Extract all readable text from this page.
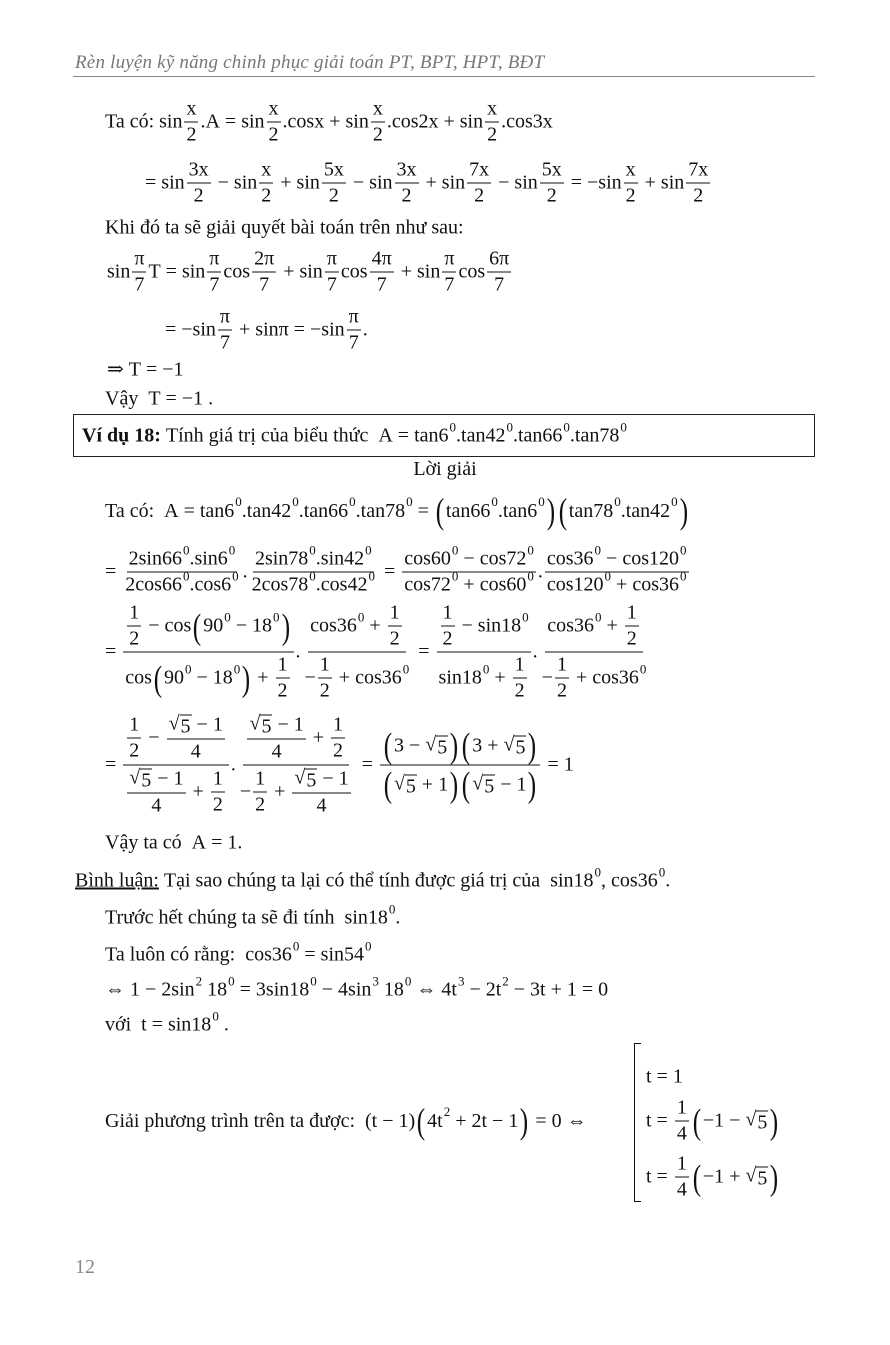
Rèn luyện kỹ năng chinh phục giải toán PT, BPT, HPT, BĐT
Ta có: $\sin \frac{x}{2} .A = \sin \frac{x}{2} .\cos x + \sin \frac{x}{2} .\cos 2x + \sin \frac{x}{2} .\cos 3x$
= $\sin \frac{3x}{2} - \sin \frac{x}{2} + \sin \frac{5x}{2} - \sin \frac{3x}{2} + \sin \frac{7x}{2} - \sin \frac{5x}{2} = -\sin \frac{x}{2} + \sin \frac{7x}{2}$
Khi đó ta sẽ giải quyết bài toán trên như sau:
$\sin \frac{\pi}{7}$ $T = \sin \frac{\pi}{7}$ $\cos \frac{2\pi}{7} + \sin \frac{\pi}{7}$ $\cos \frac{4\pi}{7} + \sin \frac{\pi}{7}$ $\cos \frac{6\pi}{7}$
= $-\sin \frac{\pi}{7} + \sin\pi = -\sin \frac{\pi}{7}$ .
⇒ T = −1
Vậy  T = −1 .
Ví dụ 18: Tính giá trị của biểu thức  A = tan6 0 .tan42 0 .tan66 0 .tan78 0
Lời giải
Ta có:  A = tan6 0 .tan42 0 .tan66 0 .tan78 0 = ( tan66 0 .tan6 0 ) ( tan78 0 .tan42 0 )
= $\frac{2\sin 66 0 .\sin 6 0}{2\cos 66 0 .\cos 6 0}$ . $\frac{2\sin 78 0 .\sin 42 0}{2\cos 78 0 .\cos 42 0} = \frac{\cos 60 0 - \cos 72 0}{\cos 72 0 + \cos 60 0}$ . $\frac{\cos 36 0 - \cos 120 0}{\cos 120 0 + \cos 36 0}$
= $\frac{\frac{1}{2} - \cos ( 90 0 - 18 0 )}{\cos ( 90 0 - 18 0 ) + \frac{1}{2}}$ . $\frac{\cos 36 0 + \frac{1}{2}}{- \frac{1}{2} + \cos 36 0} = \frac{\frac{1}{2} - \sin 18 0}{\sin 18 0 + \frac{1}{2}}$ . $\frac{\cos 36 0 + \frac{1}{2}}{- \frac{1}{2} + \cos 36 0}$
= $\frac{\frac{1}{2} - \frac{√ 5 - 1}{4}}{\frac{√ 5 - 1}{4} + \frac{1}{2}}$ . $\frac{\frac{√ 5 - 1}{4} + \frac{1}{2}}{- \frac{1}{2} + \frac{√ 5 - 1}{4}} = \frac{( 3 - √ 5 ) ( 3 + √ 5 )}{( √ 5 + 1 ) ( √ 5 - 1 )} = 1$
Vậy ta có  A = 1.
Bình luận: Tại sao chúng ta lại có thể tính được giá trị của  sin18 0 , cos36 0 .
Trước hết chúng ta sẽ đi tính  sin18 0 .
Ta luôn có rằng:  cos36 0 = sin54 0
⇔ 1 − 2sin 2 18 0 = 3sin18 0 − 4sin 3 18 0 ⇔ 4t 3 − 2t 2 − 3t + 1 = 0
với  t = sin18 0 .
Giải phương trình trên ta được:  (t − 1) ( 4t 2 + 2t − 1 ) = 0 ⇔
t = 1
$t = \frac{1}{4}$ ( −1 − √ 5 )
$t = \frac{1}{4}$ ( −1 + √ 5 )
12
